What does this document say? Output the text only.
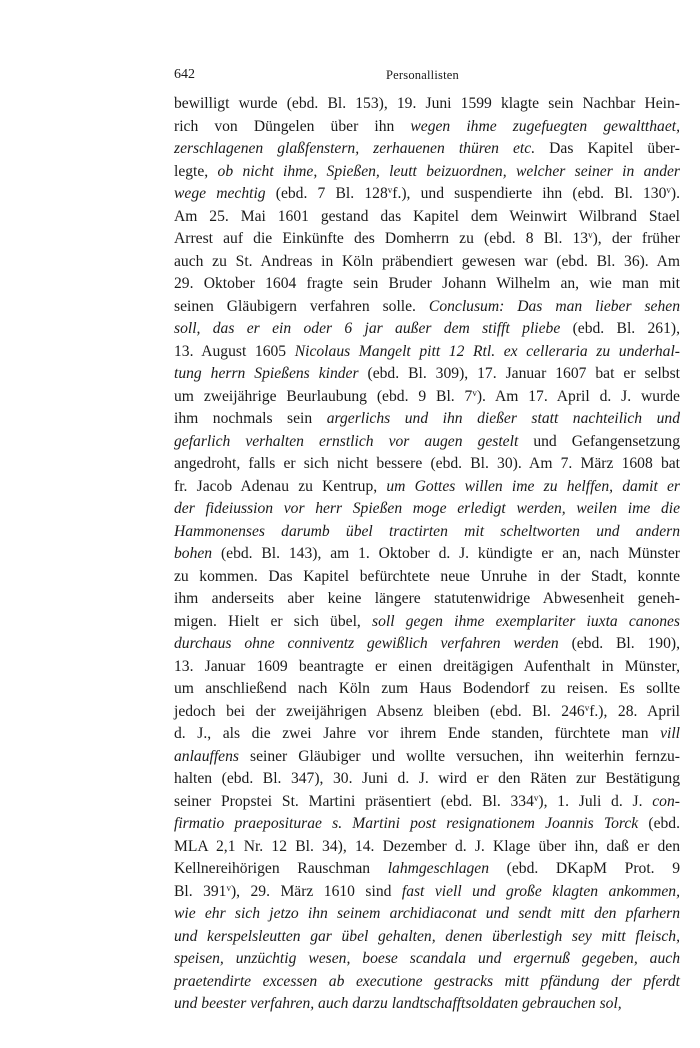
642	Personallisten
bewilligt wurde (ebd. Bl. 153), 19. Juni 1599 klagte sein Nachbar Hein-
rich von Düngelen über ihn wegen ihme zugefuegten gewaltthaet,
zerschlagenen glaßfenstern, zerhauenen thüren etc. Das Kapitel über-
legte, ob nicht ihme, Spießen, leutt beizuordnen, welcher seiner in ander
wege mechtig (ebd. 7 Bl. 128$^v$f.), und suspendierte ihn (ebd. Bl. 130$^v$).
Am 25. Mai 1601 gestand das Kapitel dem Weinwirt Wilbrand Stael
Arrest auf die Einkünfte des Domherrn zu (ebd. 8 Bl. 13$^v$), der früher
auch zu St. Andreas in Köln präbendiert gewesen war (ebd. Bl. 36). Am
29. Oktober 1604 fragte sein Bruder Johann Wilhelm an, wie man mit
seinen Gläubigern verfahren solle. Conclusum: Das man lieber sehen
soll, das er ein oder 6 jar außer dem stifft pliebe (ebd. Bl. 261),
13. August 1605 Nicolaus Mangelt pitt 12 Rtl. ex celleraria zu underhal-
tung herrn Spießens kinder (ebd. Bl. 309), 17. Januar 1607 bat er selbst
um zweijährige Beurlaubung (ebd. 9 Bl. 7$^v$). Am 17. April d. J. wurde
ihm nochmals sein argerlichs und ihn dießer statt nachteilich und
gefarlich verhalten ernstlich vor augen gestelt und Gefangensetzung
angedroht, falls er sich nicht bessere (ebd. Bl. 30). Am 7. März 1608 bat
fr. Jacob Adenau zu Kentrup, um Gottes willen ime zu helffen, damit er
der fideiussion vor herr Spießen moge erledigt werden, weilen ime die
Hammonenses darumb übel tractirten mit scheltworten und andern
bohen (ebd. Bl. 143), am 1. Oktober d. J. kündigte er an, nach Münster
zu kommen. Das Kapitel befürchtete neue Unruhe in der Stadt, konnte
ihm anderseits aber keine längere statutenwidrige Abwesenheit geneh-
migen. Hielt er sich übel, soll gegen ihme exemplariter iuxta canones
durchaus ohne conniventz gewißlich verfahren werden (ebd. Bl. 190),
13. Januar 1609 beantragte er einen dreitägigen Aufenthalt in Münster,
um anschließend nach Köln zum Haus Bodendorf zu reisen. Es sollte
jedoch bei der zweijährigen Absenz bleiben (ebd. Bl. 246$^v$f.), 28. April
d. J., als die zwei Jahre vor ihrem Ende standen, fürchtete man vill
anlauffens seiner Gläubiger und wollte versuchen, ihn weiterhin fernzu-
halten (ebd. Bl. 347), 30. Juni d. J. wird er den Räten zur Bestätigung
seiner Propstei St. Martini präsentiert (ebd. Bl. 334$^v$), 1. Juli d. J. con-
firmatio praepositurae s. Martini post resignationem Joannis Torck (ebd.
MLA 2,1 Nr. 12 Bl. 34), 14. Dezember d. J. Klage über ihn, daß er den
Kellnereihörigen Rauschman lahmgeschlagen (ebd. DKapM Prot. 9
Bl. 391$^v$), 29. März 1610 sind fast viell und große klagten ankommen,
wie ehr sich jetzo ihn seinem archidiaconat und sendt mitt den pfarhern
und kerspelsleutten gar übel gehalten, denen überlestigh sey mitt fleisch,
speisen, unzüchtig wesen, boese scandala und ergernuß gegeben, auch
praetendirte excessen ab executione gestracks mitt pfändung der pferdt
und beester verfahren, auch darzu landtschafftsoldaten gebrauchen sol,
